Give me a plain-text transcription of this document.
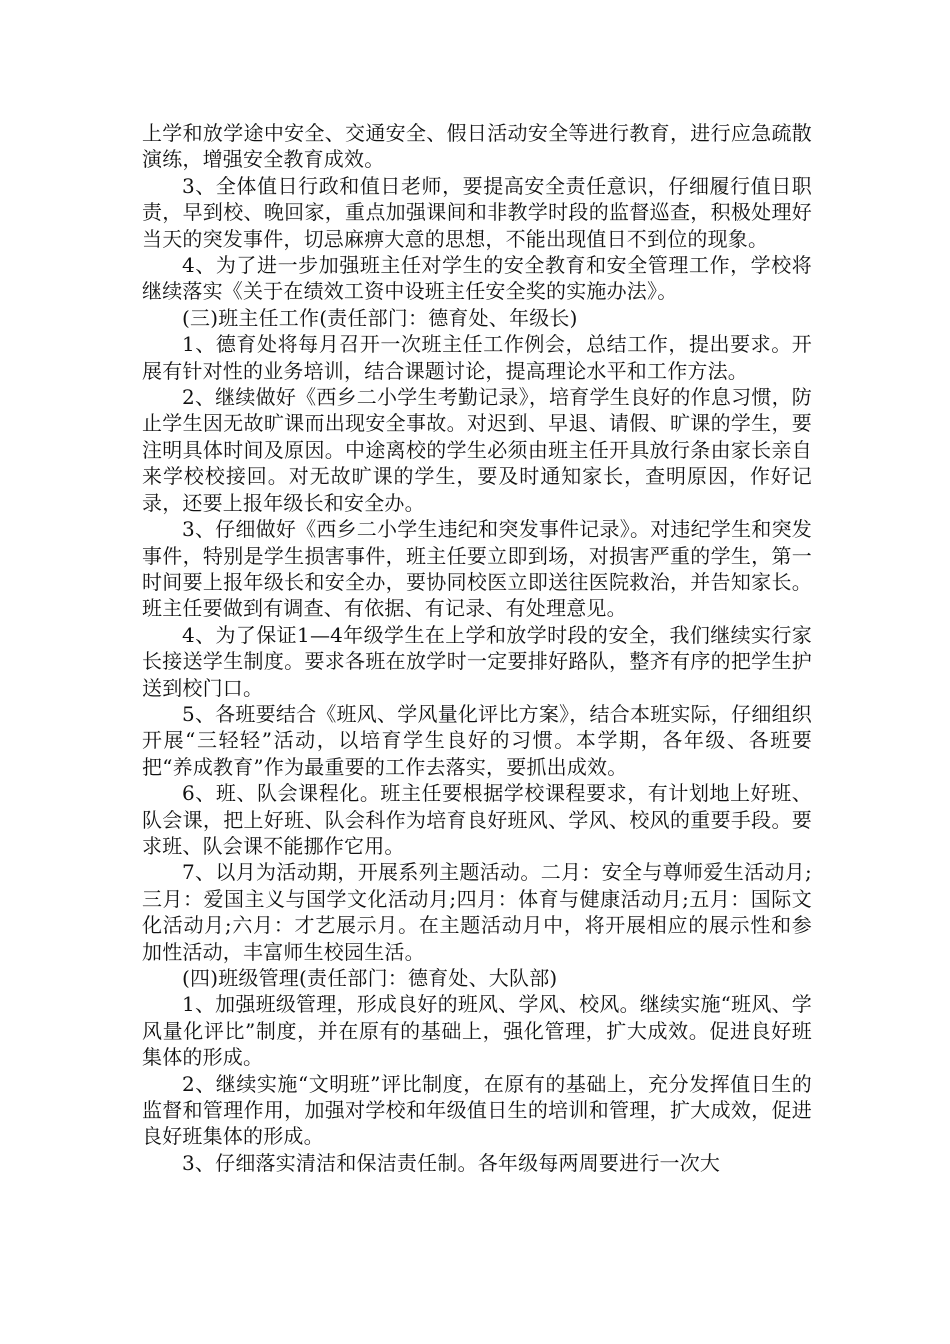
上学和放学途中安全、交通安全、假日活动安全等进行教育，进行应急疏散演练，增强安全教育成效。

3、全体值日行政和值日老师，要提高安全责任意识，仔细履行值日职责，早到校、晚回家，重点加强课间和非教学时段的监督巡查，积极处理好当天的突发事件，切忌麻痹大意的思想，不能出现值日不到位的现象。

4、为了进一步加强班主任对学生的安全教育和安全管理工作，学校将继续落实《关于在绩效工资中设班主任安全奖的实施办法》。

(三)班主任工作(责任部门：德育处、年级长)

1、德育处将每月召开一次班主任工作例会，总结工作，提出要求。开展有针对性的业务培训，结合课题讨论，提高理论水平和工作方法。

2、继续做好《西乡二小学生考勤记录》，培育学生良好的作息习惯，防止学生因无故旷课而出现安全事故。对迟到、早退、请假、旷课的学生，要注明具体时间及原因。中途离校的学生必须由班主任开具放行条由家长亲自来学校校接回。对无故旷课的学生，要及时通知家长，查明原因，作好记录，还要上报年级长和安全办。

3、仔细做好《西乡二小学生违纪和突发事件记录》。对违纪学生和突发事件，特别是学生损害事件，班主任要立即到场，对损害严重的学生，第一时间要上报年级长和安全办，要协同校医立即送往医院救治，并告知家长。班主任要做到有调查、有依据、有记录、有处理意见。

4、为了保证1—4年级学生在上学和放学时段的安全，我们继续实行家长接送学生制度。要求各班在放学时一定要排好路队，整齐有序的把学生护送到校门口。

5、各班要结合《班风、学风量化评比方案》，结合本班实际，仔细组织开展“三轻轻”活动，以培育学生良好的习惯。本学期，各年级、各班要把“养成教育”作为最重要的工作去落实，要抓出成效。

6、班、队会课程化。班主任要根据学校课程要求，有计划地上好班、队会课，把上好班、队会科作为培育良好班风、学风、校风的重要手段。要求班、队会课不能挪作它用。

7、以月为活动期，开展系列主题活动。二月：安全与尊师爱生活动月;三月：爱国主义与国学文化活动月;四月：体育与健康活动月;五月：国际文化活动月;六月：才艺展示月。在主题活动月中，将开展相应的展示性和参加性活动，丰富师生校园生活。

(四)班级管理(责任部门：德育处、大队部)

1、加强班级管理，形成良好的班风、学风、校风。继续实施“班风、学风量化评比”制度，并在原有的基础上，强化管理，扩大成效。促进良好班集体的形成。

2、继续实施“文明班”评比制度，在原有的基础上，充分发挥值日生的监督和管理作用，加强对学校和年级值日生的培训和管理，扩大成效，促进良好班集体的形成。

3、仔细落实清洁和保洁责任制。各年级每两周要进行一次大
